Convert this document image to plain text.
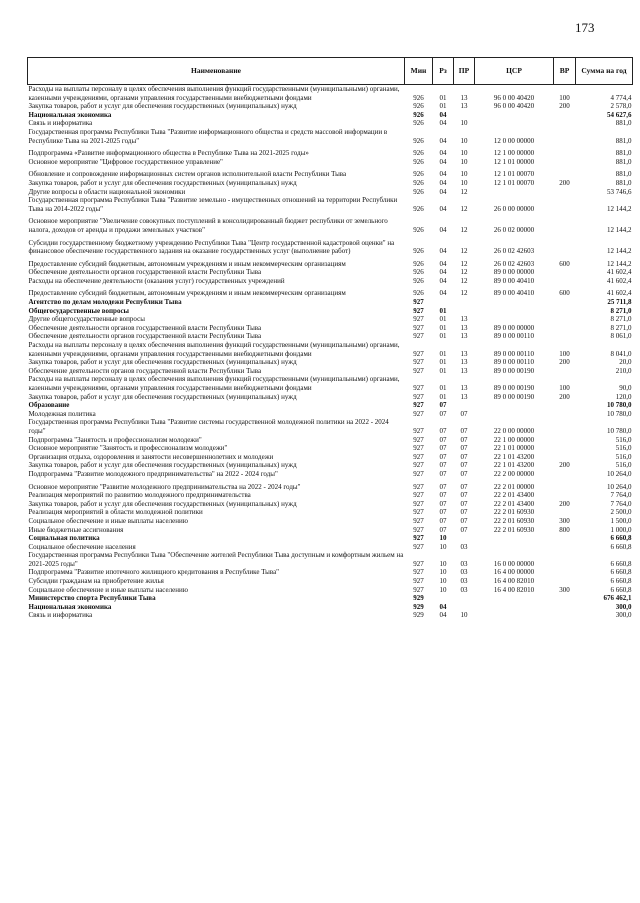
173
Наименование	Мин	Рз	ПР	ЦСР	ВР	Сумма на год
Расходы на выплаты персоналу в целях обеспечения выполнения функций государственными (муниципальными) органами, казенными учреждениями, органами управления государственными внебюджетными фондами	926	01	13	96 0 00 40420	100	4 774,4
Закупка товаров, работ и услуг для обеспечения государственных (муниципальных) нужд	926	01	13	96 0 00 40420	200	2 578,0
Национальная экономика	926	04				54 627,6
Связь и информатика	926	04	10			881,0
Государственная программа Республики Тыва "Развитие информационного общества и средств массовой информации в Республике Тыва на 2021-2025 годы"	926	04	10	12 0 00 00000		881,0
Подпрограмма «Развитие информационного общества в Республике Тыва на 2021-2025 годы»	926	04	10	12 1 00 00000		881,0
Основное мероприятие "Цифровое государственное управление"	926	04	10	12 1 01 00000		881,0
Обновление и сопровождение информационных систем органов исполнительной власти Республики Тыва	926	04	10	12 1 01 00070		881,0
Закупка товаров, работ и услуг для обеспечения государственных (муниципальных) нужд	926	04	10	12 1 01 00070	200	881,0
Другие вопросы в области национальной экономики	926	04	12			53 746,6
Государственная программа Республики Тыва "Развитие земельно - имущественных отношений на территории Республики Тыва на 2014-2022 годы"	926	04	12	26 0 00 00000		12 144,2
Основное мероприятие "Увеличение совокупных поступлений в консолидированный бюджет республики от земельного налога, доходов от аренды и продажи земельных участков"	926	04	12	26 0 02 00000		12 144,2
Субсидии государственному бюджетному учреждению Республики Тыва "Центр государственной кадастровой оценки" на финансовое обеспечение государственного задания на оказание государственных услуг (выполнение работ)	926	04	12	26 0 02 42603		12 144,2
Предоставление субсидий бюджетным, автономным учреждениям и иным некоммерческим организациям	926	04	12	26 0 02 42603	600	12 144,2
Обеспечение деятельности органов государственной власти Республики Тыва	926	04	12	89 0 00 00000		41 602,4
Расходы на обеспечение деятельности (оказания услуг) государственных учреждений	926	04	12	89 0 00 40410		41 602,4
Предоставление субсидий бюджетным, автономным учреждениям и иным некоммерческим организациям	926	04	12	89 0 00 40410	600	41 602,4
Агентство по делам молодежи Республики Тыва	927					25 711,8
Общегосударственные вопросы	927	01				8 271,0
Другие общегосударственные вопросы	927	01	13			8 271,0
Обеспечение деятельности органов государственной власти Республики Тыва	927	01	13	89 0 00 00000		8 271,0
Обеспечение деятельности органов государственной власти Республики Тыва	927	01	13	89 0 00 00110		8 061,0
Расходы на выплаты персоналу в целях обеспечения выполнения функций государственными (муниципальными) органами, казенными учреждениями, органами управления государственными внебюджетными фондами	927	01	13	89 0 00 00110	100	8 041,0
Закупка товаров, работ и услуг для обеспечения государственных (муниципальных) нужд	927	01	13	89 0 00 00110	200	20,0
Обеспечение деятельности органов государственной власти Республики Тыва	927	01	13	89 0 00 00190		210,0
Расходы на выплаты персоналу в целях обеспечения выполнения функций государственными (муниципальными) органами, казенными учреждениями, органами управления государственными внебюджетными фондами	927	01	13	89 0 00 00190	100	90,0
Закупка товаров, работ и услуг для обеспечения государственных (муниципальных) нужд	927	01	13	89 0 00 00190	200	120,0
Образование	927	07				10 780,0
Молодежная политика	927	07	07			10 780,0
Государственная программа Республики Тыва "Развитие системы государственной молодежной политики на 2022 - 2024 годы"	927	07	07	22 0 00 00000		10 780,0
Подпрограмма "Занятость и профессионализм молодежи"	927	07	07	22 1 00 00000		516,0
Основное мероприятие "Занятость и профессионализм молодежи"	927	07	07	22 1 01 00000		516,0
Организация отдыха, оздоровления и занятости несовершеннолетних и молодежи	927	07	07	22 1 01 43200		516,0
Закупка товаров, работ и услуг для обеспечения государственных (муниципальных) нужд	927	07	07	22 1 01 43200	200	516,0
Подпрограмма "Развитие молодежного предпринимательства" на 2022 - 2024 годы"	927	07	07	22 2 00 00000		10 264,0
Основное мероприятие "Развитие молодежного предпринимательства на 2022 - 2024 годы"	927	07	07	22 2 01 00000		10 264,0
Реализация мероприятий по развитию молодежного предпринимательства	927	07	07	22 2 01 43400		7 764,0
Закупка товаров, работ и услуг для обеспечения государственных (муниципальных) нужд	927	07	07	22 2 01 43400	200	7 764,0
Реализация мероприятий в области молодежной политики	927	07	07	22 2 01 60930		2 500,0
Социальное обеспечение и иные выплаты населению	927	07	07	22 2 01 60930	300	1 500,0
Иные бюджетные ассигнования	927	07	07	22 2 01 60930	800	1 000,0
Социальная политика	927	10				6 660,8
Социальное обеспечение населения	927	10	03			6 660,8
Государственная программа Республики Тыва "Обеспечение жителей Республики Тыва доступным и комфортным жильем на 2021-2025 годы"	927	10	03	16 0 00 00000		6 660,8
Подпрограмма "Развитие ипотечного жилищного кредитования в Республике Тыва"	927	10	03	16 4 00 00000		6 660,8
Субсидии гражданам на приобретение жилья	927	10	03	16 4 00 82010		6 660,8
Социальное обеспечение и иные выплаты населению	927	10	03	16 4 00 82010	300	6 660,8
Министерство спорта Республики Тыва	929					676 462,1
Национальная экономика	929	04				300,0
Связь и информатика	929	04	10			300,0
